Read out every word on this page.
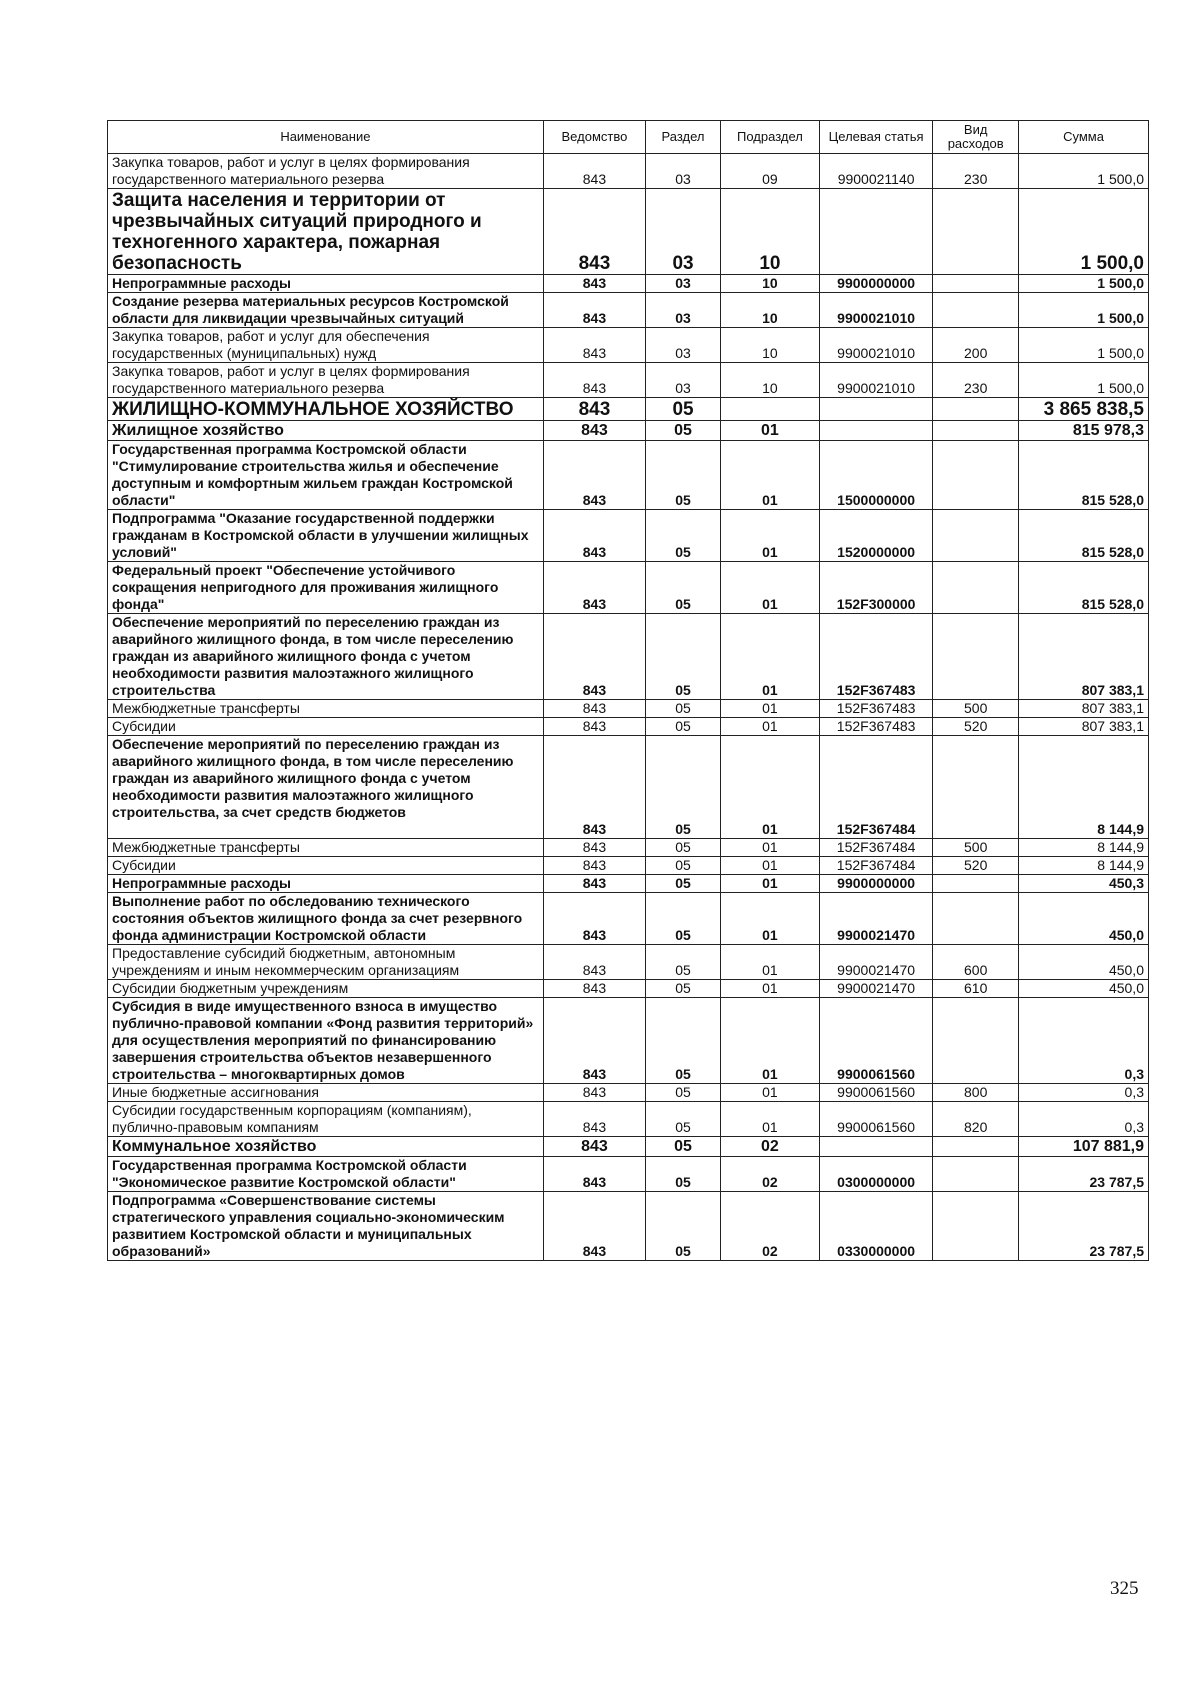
Наименование	Ведомство	Раздел	Подраздел	Целевая статья	Вид расходов	Сумма
Закупка товаров, работ и услуг в целях формирования государственного материального резерва	843	03	09	9900021140	230	1 500,0
Защита населения и территории от чрезвычайных ситуаций природного и техногенного характера, пожарная безопасность	843	03	10			1 500,0
Непрограммные расходы	843	03	10	9900000000		1 500,0
Создание резерва материальных ресурсов Костромской области для ликвидации чрезвычайных ситуаций	843	03	10	9900021010		1 500,0
Закупка товаров, работ и услуг для обеспечения государственных (муниципальных) нужд	843	03	10	9900021010	200	1 500,0
Закупка товаров, работ и услуг в целях формирования государственного материального резерва	843	03	10	9900021010	230	1 500,0
ЖИЛИЩНО-КОММУНАЛЬНОЕ ХОЗЯЙСТВО	843	05				3 865 838,5
Жилищное хозяйство	843	05	01			815 978,3
Государственная программа Костромской области "Стимулирование строительства жилья и обеспечение доступным и комфортным жильем граждан Костромской области"	843	05	01	1500000000		815 528,0
Подпрограмма "Оказание государственной поддержки гражданам в Костромской области в улучшении жилищных условий"	843	05	01	1520000000		815 528,0
Федеральный проект "Обеспечение устойчивого сокращения непригодного для проживания жилищного фонда"	843	05	01	152F300000		815 528,0
Обеспечение мероприятий по переселению граждан из аварийного жилищного фонда, в том числе переселению граждан из аварийного жилищного фонда с учетом необходимости развития малоэтажного жилищного строительства	843	05	01	152F367483		807 383,1
Межбюджетные трансферты	843	05	01	152F367483	500	807 383,1
Субсидии	843	05	01	152F367483	520	807 383,1
Обеспечение мероприятий по переселению граждан из аварийного жилищного фонда, в том числе переселению граждан из аварийного жилищного фонда с учетом необходимости развития малоэтажного жилищного строительства, за счет средств бюджетов	843	05	01	152F367484		8 144,9
Межбюджетные трансферты	843	05	01	152F367484	500	8 144,9
Субсидии	843	05	01	152F367484	520	8 144,9
Непрограммные расходы	843	05	01	9900000000		450,3
Выполнение работ по обследованию технического состояния объектов жилищного фонда за счет резервного фонда администрации Костромской области	843	05	01	9900021470		450,0
Предоставление субсидий бюджетным, автономным учреждениям и иным некоммерческим организациям	843	05	01	9900021470	600	450,0
Субсидии бюджетным учреждениям	843	05	01	9900021470	610	450,0
Субсидия в виде имущественного взноса в имущество публично-правовой компании «Фонд развития территорий» для осуществления мероприятий по финансированию завершения строительства объектов незавершенного строительства – многоквартирных домов	843	05	01	9900061560		0,3
Иные бюджетные ассигнования	843	05	01	9900061560	800	0,3
Субсидии государственным корпорациям (компаниям), публично-правовым компаниям	843	05	01	9900061560	820	0,3
Коммунальное хозяйство	843	05	02			107 881,9
Государственная программа Костромской области "Экономическое развитие Костромской области"	843	05	02	0300000000		23 787,5
Подпрограмма «Совершенствование системы стратегического управления социально-экономическим развитием Костромской области и муниципальных образований»	843	05	02	0330000000		23 787,5
325
